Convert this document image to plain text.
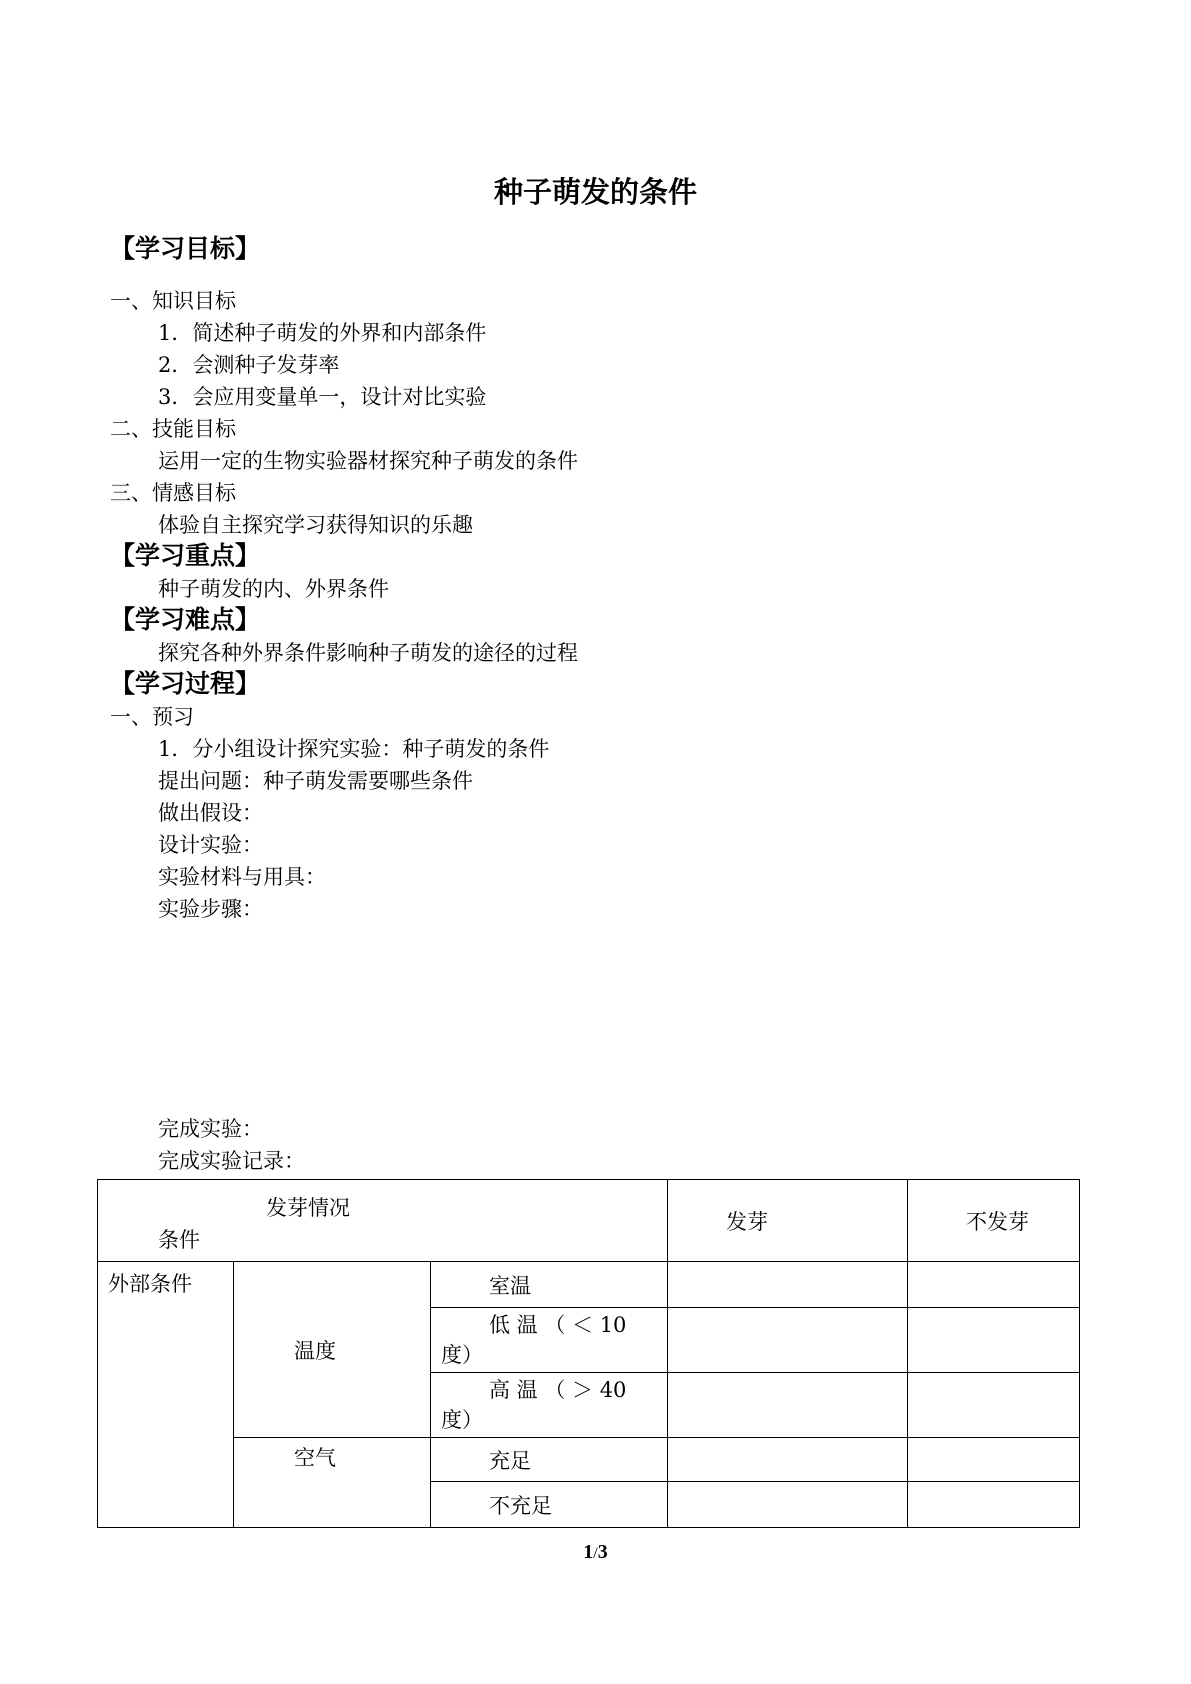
种子萌发的条件
【学习目标】
一、知识目标
1．简述种子萌发的外界和内部条件
2．会测种子发芽率
3．会应用变量单一，设计对比实验
二、技能目标
运用一定的生物实验器材探究种子萌发的条件
三、情感目标
体验自主探究学习获得知识的乐趣
【学习重点】
种子萌发的内、外界条件
【学习难点】
探究各种外界条件影响种子萌发的途径的过程
【学习过程】
一、预习
1．分小组设计探究实验：种子萌发的条件
提出问题：种子萌发需要哪些条件
做出假设：
设计实验：
实验材料与用具：
实验步骤：
完成实验：
完成实验记录：
发芽情况
条件			发芽	不发芽
外部条件	温度	室温		

		低 温 （ ＜ 10
度）		

		高 温 （ ＞ 40
度）		

	空气	充足		
		不充足		
1/3
